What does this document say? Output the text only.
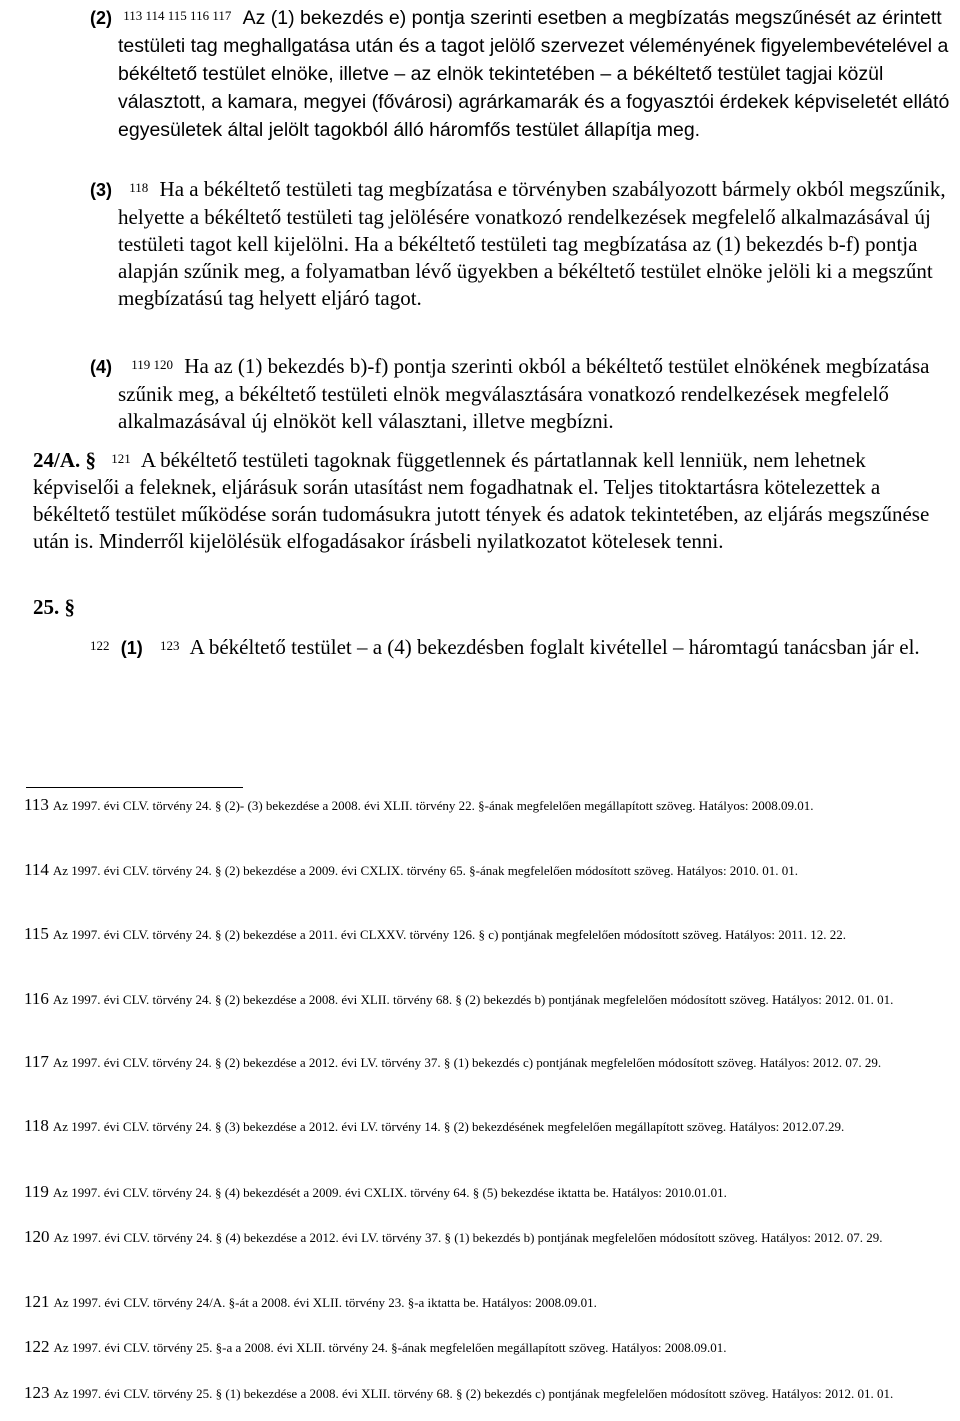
(2) $^{113 114 115 116 117}$ Az (1) bekezdés e) pontja szerinti esetben a megbízatás megszűnését az érintett testületi tag meghallgatása után és a tagot jelölő szervezet véleményének figyelembevételével a békéltető testület elnöke, illetve – az elnök tekintetében – a békéltető testület tagjai közül választott, a kamara, megyei (fővárosi) agrárkamarák és a fogyasztói érdekek képviseletét ellátó egyesületek által jelölt tagokból álló háromfős testület állapítja meg.
(3) $^{118}$ Ha a békéltető testületi tag megbízatása e törvényben szabályozott bármely okból megszűnik, helyette a békéltető testületi tag jelölésére vonatkozó rendelkezések megfelelő alkalmazásával új testületi tagot kell kijelölni. Ha a békéltető testületi tag megbízatása az (1) bekezdés b-f) pontja alapján szűnik meg, a folyamatban lévő ügyekben a békéltető testület elnöke jelöli ki a megszűnt megbízatású tag helyett eljáró tagot.
(4) $^{119 120}$ Ha az (1) bekezdés b)-f) pontja szerinti okból a békéltető testület elnökének megbízatása szűnik meg, a békéltető testületi elnök megválasztására vonatkozó rendelkezések megfelelő alkalmazásával új elnököt kell választani, illetve megbízni.
24/A. § $^{121}$ A békéltető testületi tagoknak függetlennek és pártatlannak kell lenniük, nem lehetnek képviselői a feleknek, eljárásuk során utasítást nem fogadhatnak el. Teljes titoktartásra kötelezettek a békéltető testület működése során tudomásukra jutott tények és adatok tekintetében, az eljárás megszűnése után is. Minderről kijelölésük elfogadásakor írásbeli nyilatkozatot kötelesek tenni.
25. §
$^{122}$ (1) $^{123}$ A békéltető testület – a (4) bekezdésben foglalt kivétellel – háromtagú tanácsban jár el.
113 Az 1997. évi CLV. törvény 24. § (2)- (3) bekezdése a 2008. évi XLII. törvény 22. §-ának megfelelően megállapított szöveg. Hatályos: 2008.09.01.
114 Az 1997. évi CLV. törvény 24. § (2) bekezdése a 2009. évi CXLIX. törvény 65. §-ának megfelelően módosított szöveg. Hatályos: 2010. 01. 01.
115 Az 1997. évi CLV. törvény 24. § (2) bekezdése a 2011. évi CLXXV. törvény 126. § c) pontjának megfelelően módosított szöveg. Hatályos: 2011. 12. 22.
116 Az 1997. évi CLV. törvény 24. § (2) bekezdése a 2008. évi XLII. törvény 68. § (2) bekezdés b) pontjának megfelelően módosított szöveg. Hatályos: 2012. 01. 01.
117 Az 1997. évi CLV. törvény 24. § (2) bekezdése a 2012. évi LV. törvény 37. § (1) bekezdés c) pontjának megfelelően módosított szöveg. Hatályos: 2012. 07. 29.
118 Az 1997. évi CLV. törvény 24. § (3) bekezdése a 2012. évi LV. törvény 14. § (2) bekezdésének megfelelően megállapított szöveg. Hatályos: 2012.07.29.
119 Az 1997. évi CLV. törvény 24. § (4) bekezdését a 2009. évi CXLIX. törvény 64. § (5) bekezdése iktatta be. Hatályos: 2010.01.01.
120 Az 1997. évi CLV. törvény 24. § (4) bekezdése a 2012. évi LV. törvény 37. § (1) bekezdés b) pontjának megfelelően módosított szöveg. Hatályos: 2012. 07. 29.
121 Az 1997. évi CLV. törvény 24/A. §-át a 2008. évi XLII. törvény 23. §-a iktatta be. Hatályos: 2008.09.01.
122 Az 1997. évi CLV. törvény 25. §-a a 2008. évi XLII. törvény 24. §-ának megfelelően megállapított szöveg. Hatályos: 2008.09.01.
123 Az 1997. évi CLV. törvény 25. § (1) bekezdése a 2008. évi XLII. törvény 68. § (2) bekezdés c) pontjának megfelelően módosított szöveg. Hatályos: 2012. 01. 01.
